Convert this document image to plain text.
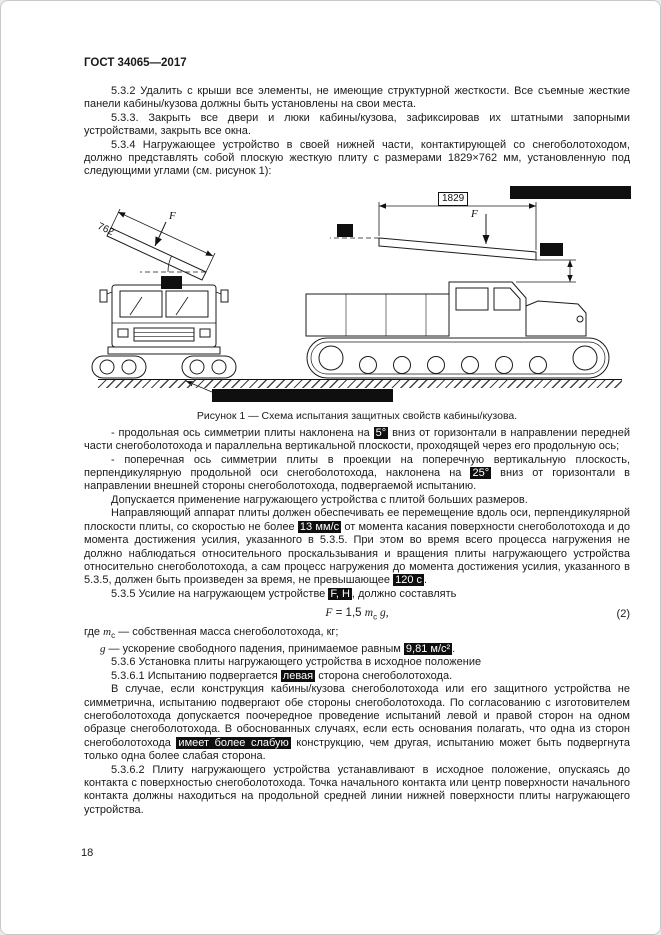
ГОСТ 34065—2017

5.3.2 Удалить с крыши все элементы, не имеющие структурной жесткости. Все съемные жесткие панели кабины/кузова должны быть установлены на свои места.

5.3.3. Закрыть все двери и люки кабины/кузова, зафиксировав их штатными запорными устройствами, закрыть все окна.

5.3.4 Нагружающее устройство в своей нижней части, контактирующей со снегоболотоходом, должно представлять собой плоскую жесткую плиту с размерами 1829×762 мм, установленную под следующими углами (см. рисунок 1):

Размеры в миллиметрах
762
F
25°
1829
F
5°
264
Твердая горизонтальная поверхность
Рисунок 1 — Схема испытания защитных свойств кабины/кузова.

- продольная ось симметрии плиты наклонена на 5° вниз от горизонтали в направлении передней части снегоболотохода и параллельна вертикальной плоскости, проходящей через его продольную ось;

- поперечная ось симметрии плиты в проекции на поперечную вертикальную плоскость, перпендикулярную продольной оси снегоболотохода, наклонена на 25° вниз от горизонтали в направлении внешней стороны снегоболотохода, подвергаемой испытанию.

Допускается применение нагружающего устройства с плитой больших размеров.

Направляющий аппарат плиты должен обеспечивать ее перемещение вдоль оси, перпендикулярной плоскости плиты, со скоростью не более 13 мм/с от момента касания поверхности снегоболотохода и до момента достижения усилия, указанного в 5.3.5. При этом во время всего процесса нагружения не должно наблюдаться относительного проскальзывания и вращения плиты нагружающего устройства относительно снегоболотохода, а сам процесс нагружения до момента достижения усилия, указанного в 5.3.5, должен быть произведен за время, не превышающее 120 с .

5.3.5 Усилие на нагружающем устройстве F, Н , должно составлять

F = 1,5 $m_с$ g,	(2)

где $m_с$ — собственная масса снегоболотохода, кг;

g — ускорение свободного падения, принимаемое равным 9,81 м/с² .

5.3.6 Установка плиты нагружающего устройства в исходное положение

5.3.6.1 Испытанию подвергается левая сторона снегоболотохода.

В случае, если конструкция кабины/кузова снегоболотохода или его защитного устройства не симметрична, испытанию подвергают обе стороны снегоболотохода. По согласованию с изготовителем снегоболотохода допускается поочередное проведение испытаний левой и правой сторон на одном образце снегоболотохода. В обоснованных случаях, если есть основания полагать, что одна из сторон снегоболотохода имеет более слабую конструкцию, чем другая, испытанию может быть подвергнута только одна более слабая сторона.

5.3.6.2 Плиту нагружающего устройства устанавливают в исходное положение, опускаясь до контакта с поверхностью снегоболотохода. Точка начального контакта или центр поверхности начального контакта должны находиться на продольной средней линии нижней поверхности плиты нагружающего устройства.

18
